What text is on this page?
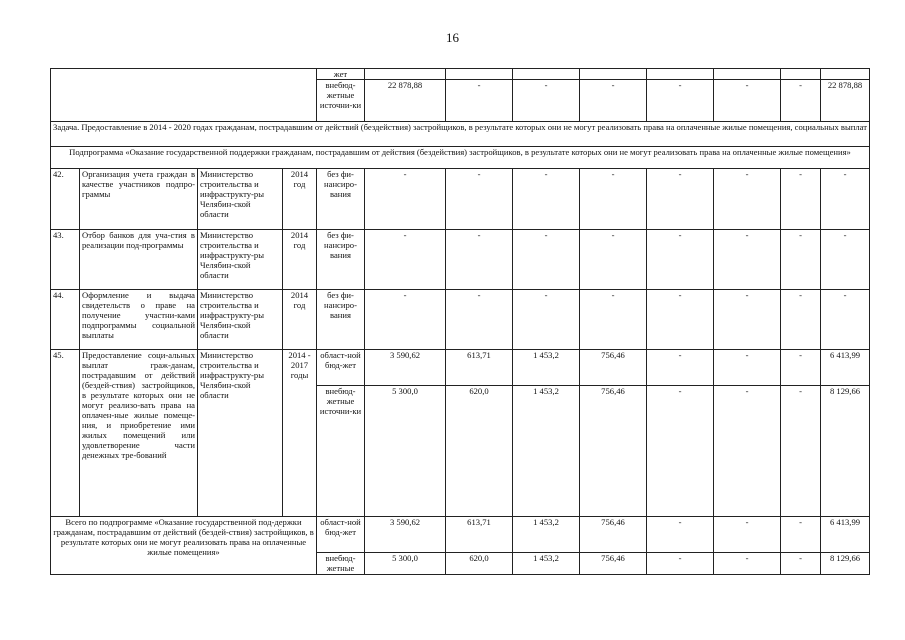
16
				жет								
				внебюд-жетные источни-ки	22 878,88	-	-	-	-	-	-	22 878,88
Задача. Предоставление в 2014 - 2020 годах гражданам, пострадавшим от действий (бездействия) застройщиков, в результате которых они не могут реализовать права на оплаченные жилые помещения, социальных выплат												
Подпрограмма «Оказание государственной поддержки гражданам, пострадавшим от действия (бездействия) застройщиков, в результате которых они не могут реализовать права на оплаченные жилые помещения»												
42.	Организация учета граждан в качестве участников подпро-граммы	Министерство строительства и инфраструкту-ры Челябин-ской области	2014 год	без фи-нансиро-вания	-	-	-	-	-	-	-	-
43.	Отбор банков для уча-стия в реализации под-программы	Министерство строительства и инфраструкту-ры Челябин-ской области	2014 год	без фи-нансиро-вания	-	-	-	-	-	-	-	-
44.	Оформление и выдача свидетельств о праве на получение участни-ками подпрограммы социальной выплаты	Министерство строительства и инфраструкту-ры Челябин-ской области	2014 год	без фи-нансиро-вания	-	-	-	-	-	-	-	-
45.	Предоставление соци-альных выплат граж-данам, пострадавшим от действий (бездей-ствия) застройщиков, в результате которых они не могут реализо-вать права на оплачен-ные жилые помеще-ния, и приобретение ими жилых помещений или удовлетворение части денежных тре-бований	Министерство строительства и инфраструкту-ры Челябин-ской области	2014 - 2017 годы	област-ной бюд-жет	3 590,62	613,71	1 453,2	756,46	-	-	-	6 413,99
				внебюд-жетные источни-ки	5 300,0	620,0	1 453,2	756,46	-	-	-	8 129,66
Всего по подпрограмме «Оказание государственной под-держки гражданам, пострадавшим от действий (бездей-ствия) застройщиков, в результате которых они не могут реализовать права на оплаченные жилые помещения»				област-ной бюд-жет	3 590,62	613,71	1 453,2	756,46	-	-	-	6 413,99
				внебюд-жетные	5 300,0	620,0	1 453,2	756,46	-	-	-	8 129,66
